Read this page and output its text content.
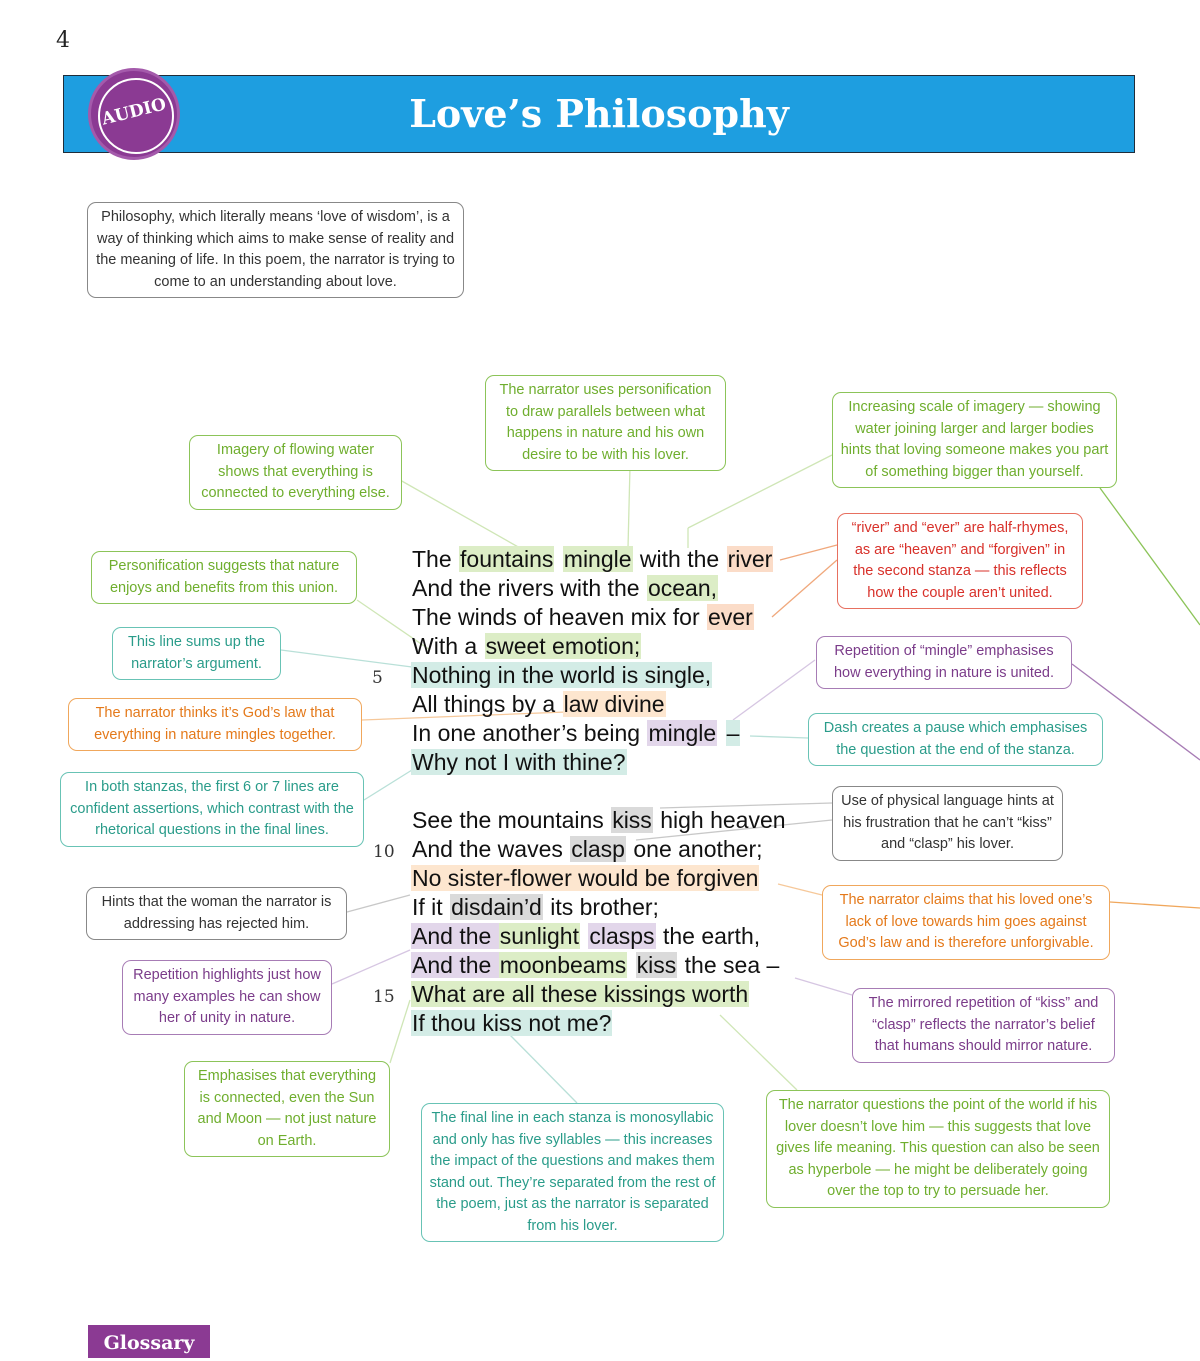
4
Love’s Philosophy
AUDIO

Philosophy, which literally means ‘love of wisdom’, is a way of thinking which aims to make sense of reality and the meaning of life. In this poem, the narrator is trying to come to an understanding about love.

The narrator uses personification to draw parallels between what happens in nature and his own desire to be with his lover.

Imagery of flowing water shows that everything is connected to everything else.

Increasing scale of imagery — showing water joining larger and larger bodies hints that loving someone makes you part of something bigger than yourself.

“river” and “ever” are half-rhymes, as are “heaven” and “forgiven” in the second stanza — this reflects how the couple aren’t united.

Personification suggests that nature enjoys and benefits from this union.

This line sums up the narrator’s argument.

Repetition of “mingle” emphasises how everything in nature is united.

The narrator thinks it’s God’s law that everything in nature mingles together.	Dash creates a pause which emphasises the question at the end of the stanza.

In both stanzas, the first 6 or 7 lines are confident assertions, which contrast with the rhetorical questions in the final lines.

Use of physical language hints at his frustration that he can’t “kiss” and “clasp” his lover.

Hints that the woman the narrator is addressing has rejected him.

The narrator claims that his loved one’s lack of love towards him goes against God’s law and is therefore unforgivable.

Repetition highlights just how many examples he can show her of unity in nature.

The mirrored repetition of “kiss” and “clasp” reflects the narrator’s belief that humans should mirror nature.

Emphasises that everything is connected, even the Sun and Moon — not just nature on Earth.

The final line in each stanza is monosyllabic and only has five syllables — this increases the impact of the questions and makes them stand out. They’re separated from the rest of the poem, just as the narrator is separated from his lover.

The narrator questions the point of the world if his lover doesn’t love him — this suggests that love gives life meaning. This question can also be seen as hyperbole — he might be deliberately going over the top to try to persuade her.

5
10
15
The fountains mingle with the river
And the rivers with the ocean,
The winds of heaven mix for ever
With a sweet emotion;
Nothing in the world is single,
All things by a law divine
In one another’s being mingle –
Why not I with thine?
See the mountains kiss high heaven
And the waves clasp one another;
No sister-flower would be forgiven
If it disdain’d its brother;
And the sunlight clasps the earth,
And the moonbeams kiss the sea –
What are all these kissings worth
If thou kiss not me?
Glossary
